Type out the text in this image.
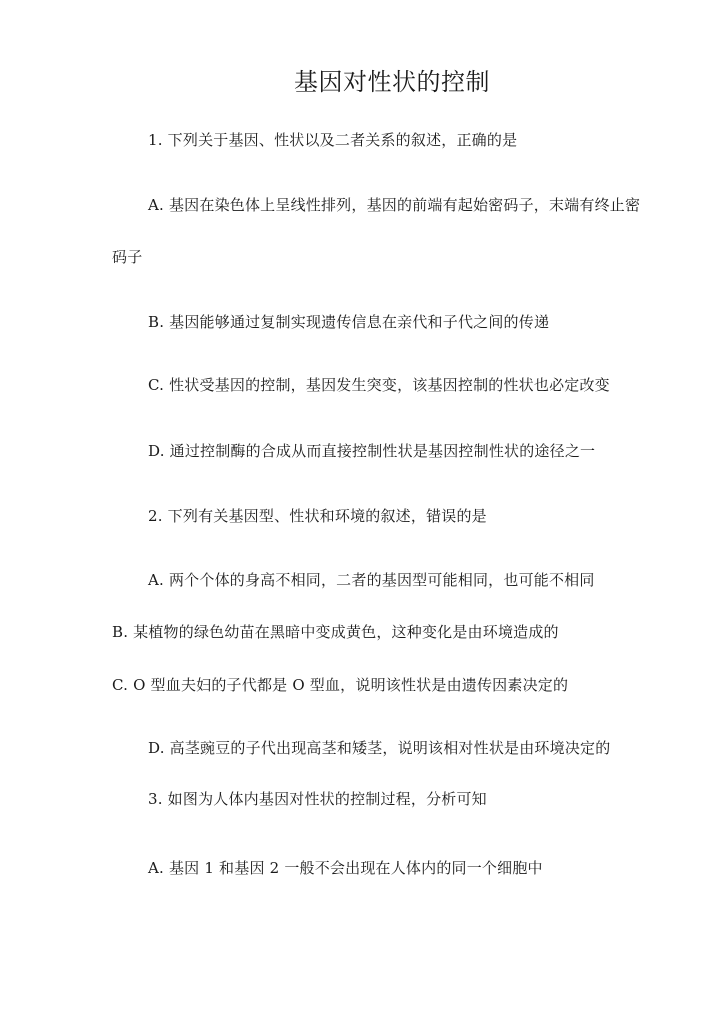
基因对性状的控制
1. 下列关于基因、性状以及二者关系的叙述，正确的是
A. 基因在染色体上呈线性排列，基因的前端有起始密码子，末端有终止密
码子
B. 基因能够通过复制实现遗传信息在亲代和子代之间的传递
C. 性状受基因的控制，基因发生突变，该基因控制的性状也必定改变
D. 通过控制酶的合成从而直接控制性状是基因控制性状的途径之一
2. 下列有关基因型、性状和环境的叙述，错误的是
A. 两个个体的身高不相同，二者的基因型可能相同，也可能不相同
B. 某植物的绿色幼苗在黑暗中变成黄色，这种变化是由环境造成的
C. O 型血夫妇的子代都是 O 型血，说明该性状是由遗传因素决定的
D. 高茎豌豆的子代出现高茎和矮茎，说明该相对性状是由环境决定的
3. 如图为人体内基因对性状的控制过程，分析可知
A. 基因 1 和基因 2 一般不会出现在人体内的同一个细胞中
